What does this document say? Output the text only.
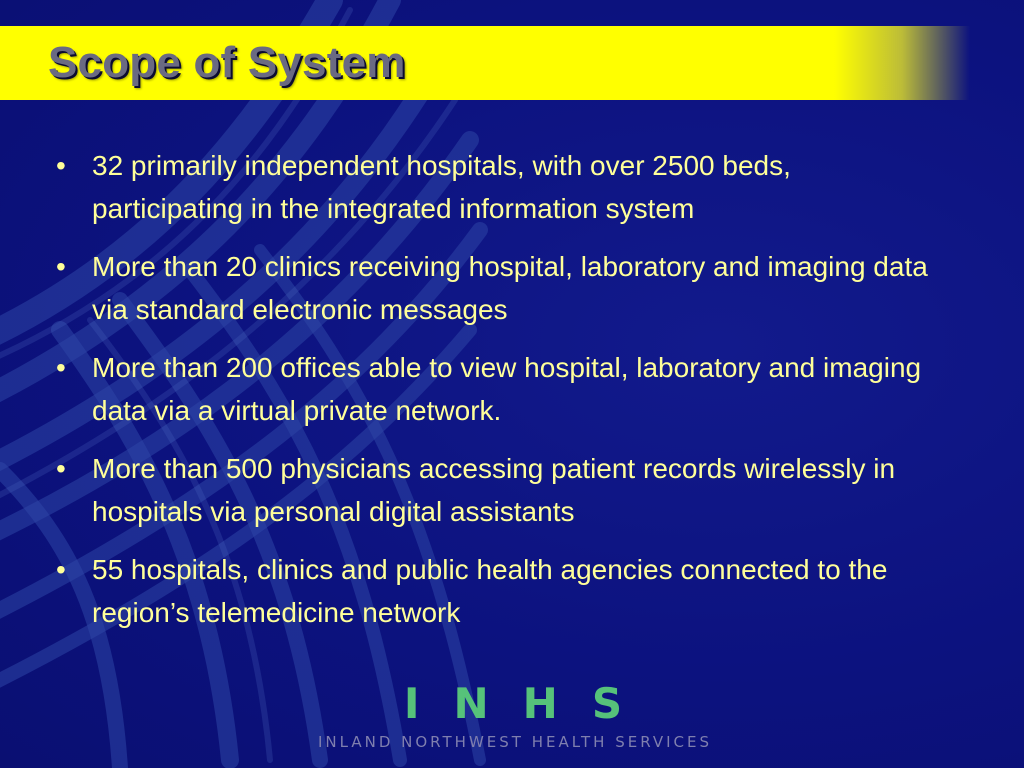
Scope of System
• 32 primarily independent hospitals, with over 2500 beds, participating in the integrated information system
• More than 20 clinics receiving hospital, laboratory and imaging data via standard electronic messages
• More than 200 offices able to view hospital, laboratory and imaging data via a virtual private network.
• More than 500 physicians accessing patient records wirelessly in hospitals via personal digital assistants
• 55 hospitals, clinics and public health agencies connected to the region’s telemedicine network
INHS
INLAND NORTHWEST HEALTH SERVICES
